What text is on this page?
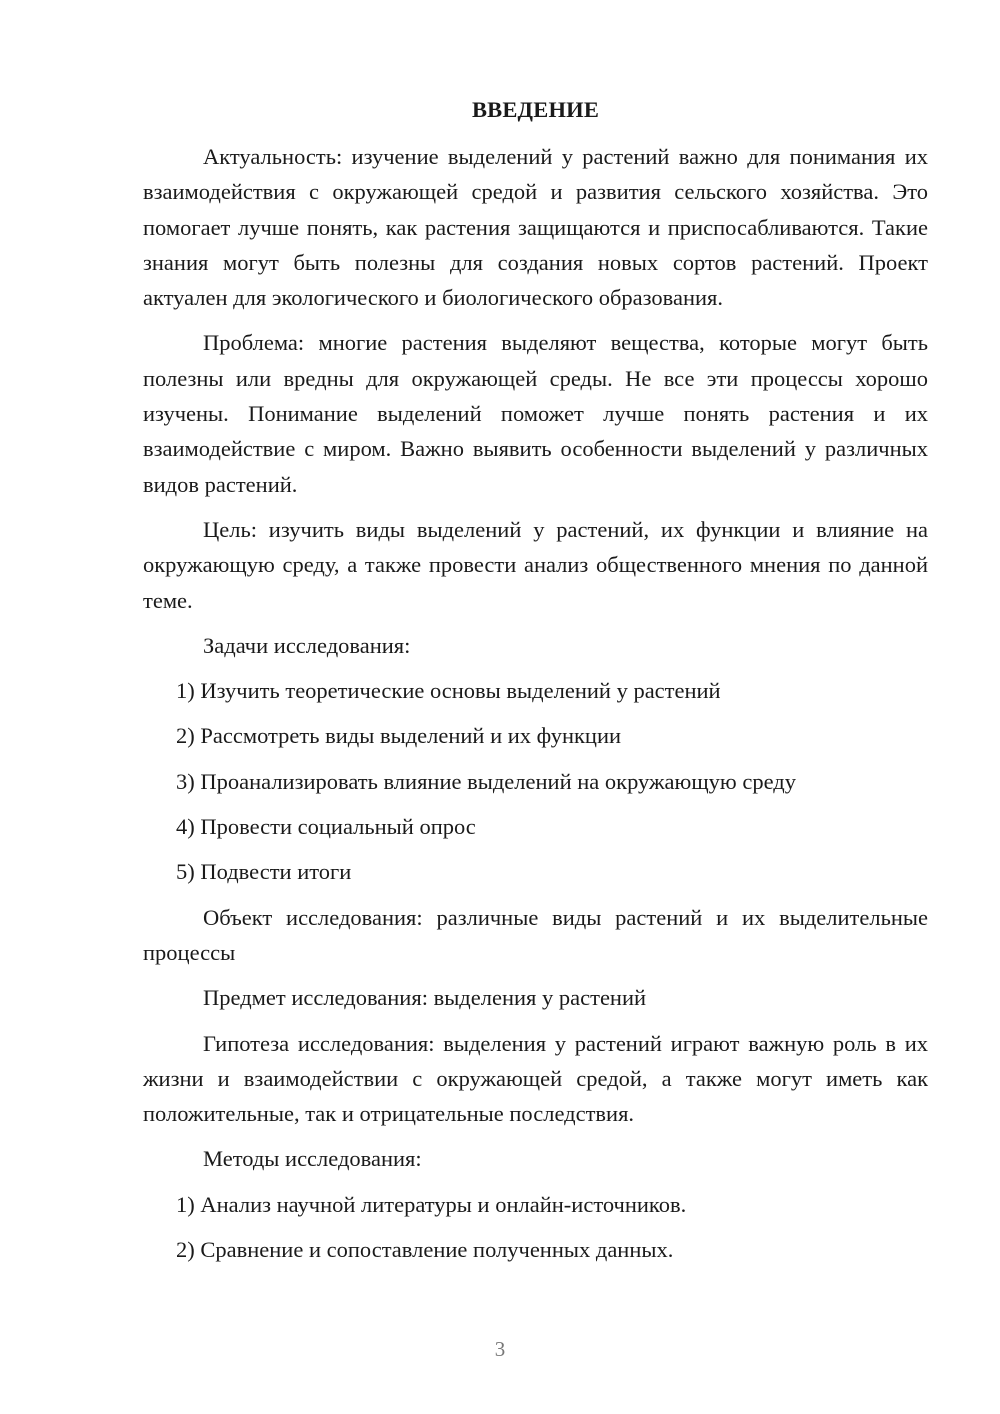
ВВЕДЕНИЕ

Актуальность: изучение выделений у растений важно для понимания их взаимодействия с окружающей средой и развития сельского хозяйства. Это помогает лучше понять, как растения защищаются и приспосабливаются. Такие знания могут быть полезны для создания новых сортов растений. Проект актуален для экологического и биологического образования.

Проблема: многие растения выделяют вещества, которые могут быть полезны или вредны для окружающей среды. Не все эти процессы хорошо изучены. Понимание выделений поможет лучше понять растения и их взаимодействие с миром. Важно выявить особенности выделений у различных видов растений.

Цель: изучить виды выделений у растений, их функции и влияние на окружающую среду, а также провести анализ общественного мнения по данной теме.

Задачи исследования:
1) Изучить теоретические основы выделений у растений
2) Рассмотреть виды выделений и их функции
3) Проанализировать влияние выделений на окружающую среду
4) Провести социальный опрос
5) Подвести итоги

Объект исследования: различные виды растений и их выделительные процессы

Предмет исследования: выделения у растений

Гипотеза исследования: выделения у растений играют важную роль в их жизни и взаимодействии с окружающей средой, а также могут иметь как положительные, так и отрицательные последствия.

Методы исследования:
1) Анализ научной литературы и онлайн-источников.
2) Сравнение и сопоставление полученных данных.
3
